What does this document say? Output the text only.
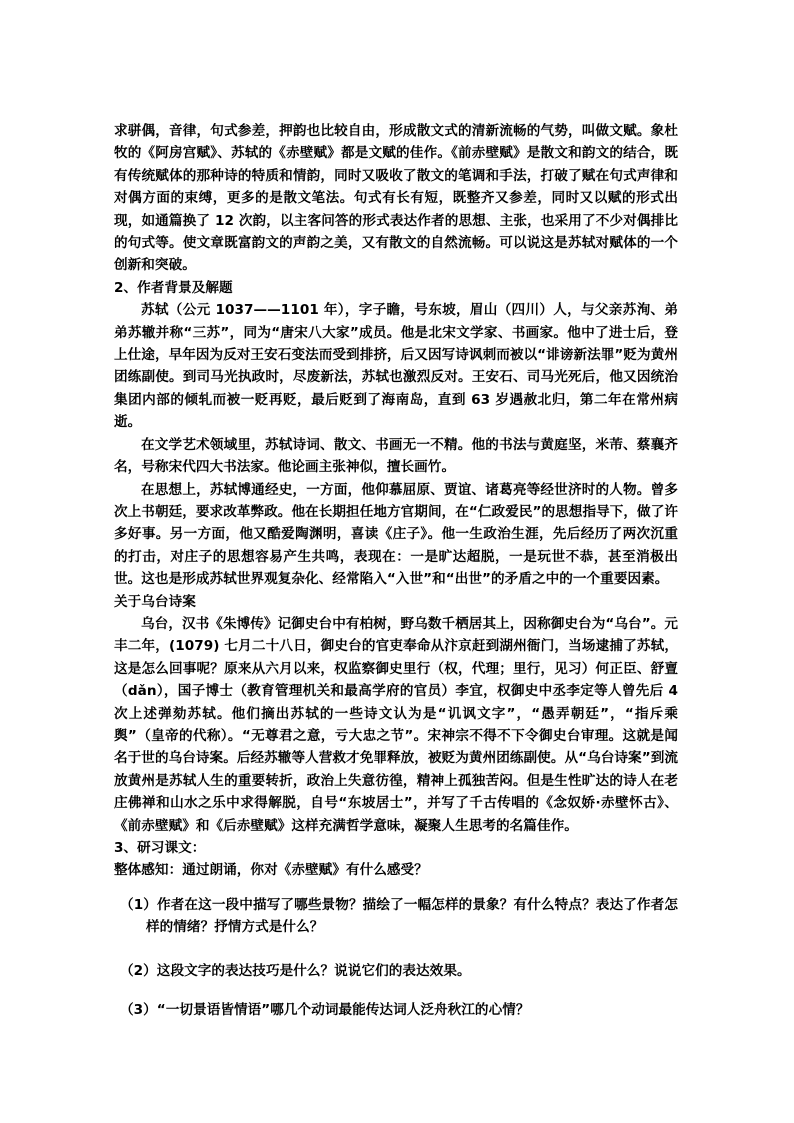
求骈偶，音律，句式参差，押韵也比较自由，形成散文式的清新流畅的气势，叫做文赋。象杜牧的《阿房宫赋》、苏轼的《赤壁赋》都是文赋的佳作。《前赤壁赋》是散文和韵文的结合，既有传统赋体的那种诗的特质和情韵，同时又吸收了散文的笔调和手法，打破了赋在句式声律和对偶方面的束缚，更多的是散文笔法。句式有长有短，既整齐又参差，同时又以赋的形式出现，如通篇换了 12 次韵，以主客问答的形式表达作者的思想、主张，也采用了不少对偶排比的句式等。使文章既富韵文的声韵之美，又有散文的自然流畅。可以说这是苏轼对赋体的一个创新和突破。

2、作者背景及解题

苏轼（公元 1037——1101 年），字子瞻，号东坡，眉山（四川）人，与父亲苏洵、弟弟苏辙并称“三苏”，同为“唐宋八大家”成员。他是北宋文学家、书画家。他中了进士后，登上仕途，早年因为反对王安石变法而受到排挤，后又因写诗讽刺而被以“诽谤新法罪”贬为黄州团练副使。到司马光执政时，尽废新法，苏轼也激烈反对。王安石、司马光死后，他又因统治集团内部的倾轧而被一贬再贬，最后贬到了海南岛，直到 63 岁遇赦北归，第二年在常州病逝。

在文学艺术领域里，苏轼诗词、散文、书画无一不精。他的书法与黄庭坚，米芾、蔡襄齐名，号称宋代四大书法家。他论画主张神似，擅长画竹。

在思想上，苏轼博通经史，一方面，他仰慕屈原、贾谊、诸葛亮等经世济时的人物。曾多次上书朝廷，要求改革弊政。他在长期担任地方官期间，在“仁政爱民”的思想指导下，做了许多好事。另一方面，他又酷爱陶渊明，喜读《庄子》。他一生政治生涯，先后经历了两次沉重的打击，对庄子的思想容易产生共鸣，表现在：一是旷达超脱，一是玩世不恭，甚至消极出世。这也是形成苏轼世界观复杂化、经常陷入“入世”和“出世”的矛盾之中的一个重要因素。

关于乌台诗案

乌台，汉书《朱博传》记御史台中有柏树，野乌数千栖居其上，因称御史台为“乌台”。元丰二年，(1079) 七月二十八日，御史台的官吏奉命从汴京赶到湖州衙门，当场逮捕了苏轼，这是怎么回事呢？原来从六月以来，权监察御史里行（权，代理；里行，见习）何正臣、舒亶（dǎn），国子博士（教育管理机关和最高学府的官员）李宜，权御史中丞李定等人曾先后 4 次上述弹劾苏轼。他们摘出苏轼的一些诗文认为是“讥讽文字”，“愚弄朝廷”，“指斥乘舆”（皇帝的代称）。“无尊君之意，亏大忠之节”。宋神宗不得不下令御史台审理。这就是闻名于世的乌台诗案。后经苏辙等人营救才免罪释放，被贬为黄州团练副使。从“乌台诗案”到流放黄州是苏轼人生的重要转折，政治上失意彷徨，精神上孤独苦闷。但是生性旷达的诗人在老庄佛禅和山水之乐中求得解脱，自号“东坡居士”，并写了千古传唱的《念奴娇·赤壁怀古》、《前赤壁赋》和《后赤壁赋》这样充满哲学意味，凝聚人生思考的名篇佳作。

3、研习课文：

整体感知：通过朗诵，你对《赤壁赋》有什么感受？

（1）作者在这一段中描写了哪些景物？描绘了一幅怎样的景象？有什么特点？表达了作者怎样的情绪？抒情方式是什么？

（2）这段文字的表达技巧是什么？说说它们的表达效果。

（3）“一切景语皆情语”哪几个动词最能传达词人泛舟秋江的心情？
